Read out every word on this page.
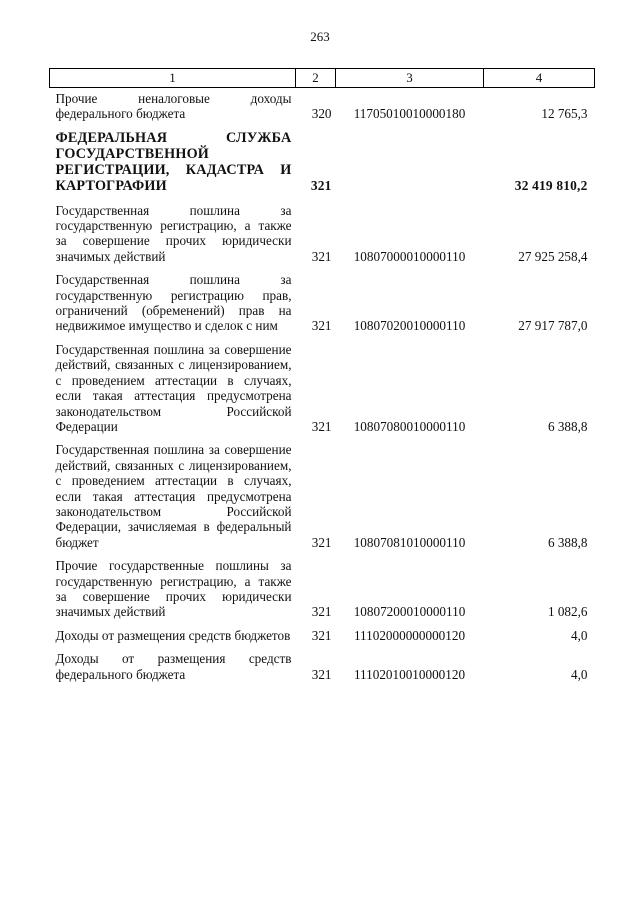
263
1	2	3	4
Прочие неналоговые доходы федерального бюджета	320	11705010010000180	12 765,3
ФЕДЕРАЛЬНАЯ СЛУЖБА ГОСУДАРСТВЕННОЙ РЕГИСТРАЦИИ, КАДАСТРА И КАРТОГРАФИИ	321		32 419 810,2
Государственная пошлина за государственную регистрацию, а также за совершение прочих юридически значимых действий	321	10807000010000110	27 925 258,4
Государственная пошлина за государственную регистрацию прав, ограничений (обременений) прав на недвижимое имущество и сделок с ним	321	10807020010000110	27 917 787,0
Государственная пошлина за совершение действий, связанных с лицензированием, с проведением аттестации в случаях, если такая аттестация предусмотрена законодательством Российской Федерации	321	10807080010000110	6 388,8
Государственная пошлина за совершение действий, связанных с лицензированием, с проведением аттестации в случаях, если такая аттестация предусмотрена законодательством Российской Федерации, зачисляемая в федеральный бюджет	321	10807081010000110	6 388,8
Прочие государственные пошлины за государственную регистрацию, а также за совершение прочих юридически значимых действий	321	10807200010000110	1 082,6
Доходы от размещения средств бюджетов	321	11102000000000120	4,0
Доходы от размещения средств федерального бюджета	321	11102010010000120	4,0
